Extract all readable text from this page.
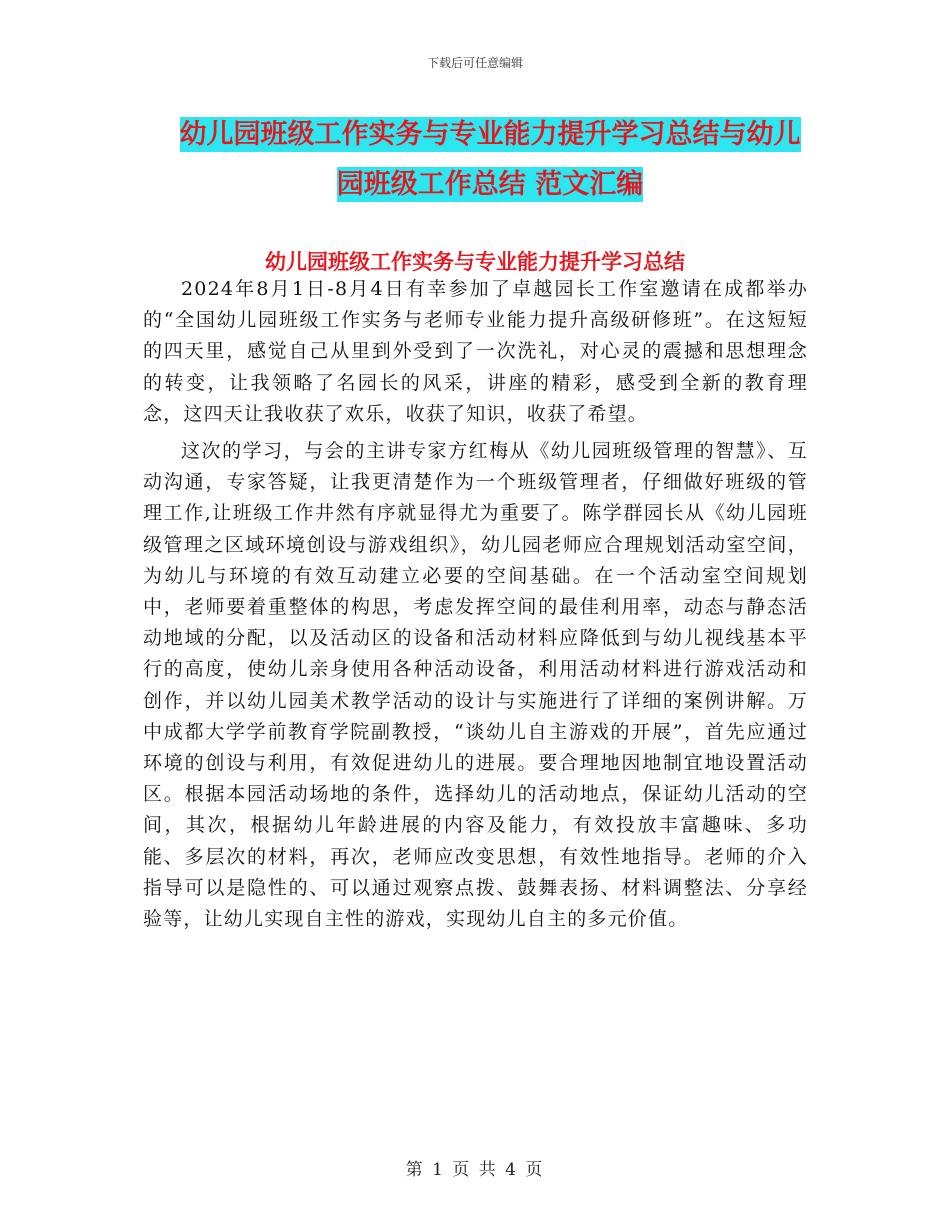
下载后可任意编辑
幼儿园班级工作实务与专业能力提升学习总结与幼儿
园班级工作总结 范文汇编
幼儿园班级工作实务与专业能力提升学习总结

2024年8月1日-8月4日有幸参加了卓越园长工作室邀请在成都举办的“全国幼儿园班级工作实务与老师专业能力提升高级研修班”。在这短短的四天里，感觉自己从里到外受到了一次洗礼，对心灵的震撼和思想理念的转变，让我领略了名园长的风采，讲座的精彩，感受到全新的教育理念，这四天让我收获了欢乐，收获了知识，收获了希望。

这次的学习，与会的主讲专家方红梅从《幼儿园班级管理的智慧》、互动沟通，专家答疑，让我更清楚作为一个班级管理者，仔细做好班级的管理工作,让班级工作井然有序就显得尤为重要了。陈学群园长从《幼儿园班级管理之区域环境创设与游戏组织》，幼儿园老师应合理规划活动室空间，为幼儿与环境的有效互动建立必要的空间基础。在一个活动室空间规划中，老师要着重整体的构思，考虑发挥空间的最佳利用率，动态与静态活动地域的分配，以及活动区的设备和活动材料应降低到与幼儿视线基本平行的高度，使幼儿亲身使用各种活动设备，利用活动材料进行游戏活动和创作，并以幼儿园美术教学活动的设计与实施进行了详细的案例讲解。万中成都大学学前教育学院副教授，“谈幼儿自主游戏的开展”，首先应通过环境的创设与利用，有效促进幼儿的进展。要合理地因地制宜地设置活动区。根据本园活动场地的条件，选择幼儿的活动地点，保证幼儿活动的空间，其次，根据幼儿年龄进展的内容及能力，有效投放丰富趣味、多功能、多层次的材料，再次，老师应改变思想，有效性地指导。老师的介入指导可以是隐性的、可以通过观察点拨、鼓舞表扬、材料调整法、分享经验等，让幼儿实现自主性的游戏，实现幼儿自主的多元价值。

第 1 页 共 4 页
